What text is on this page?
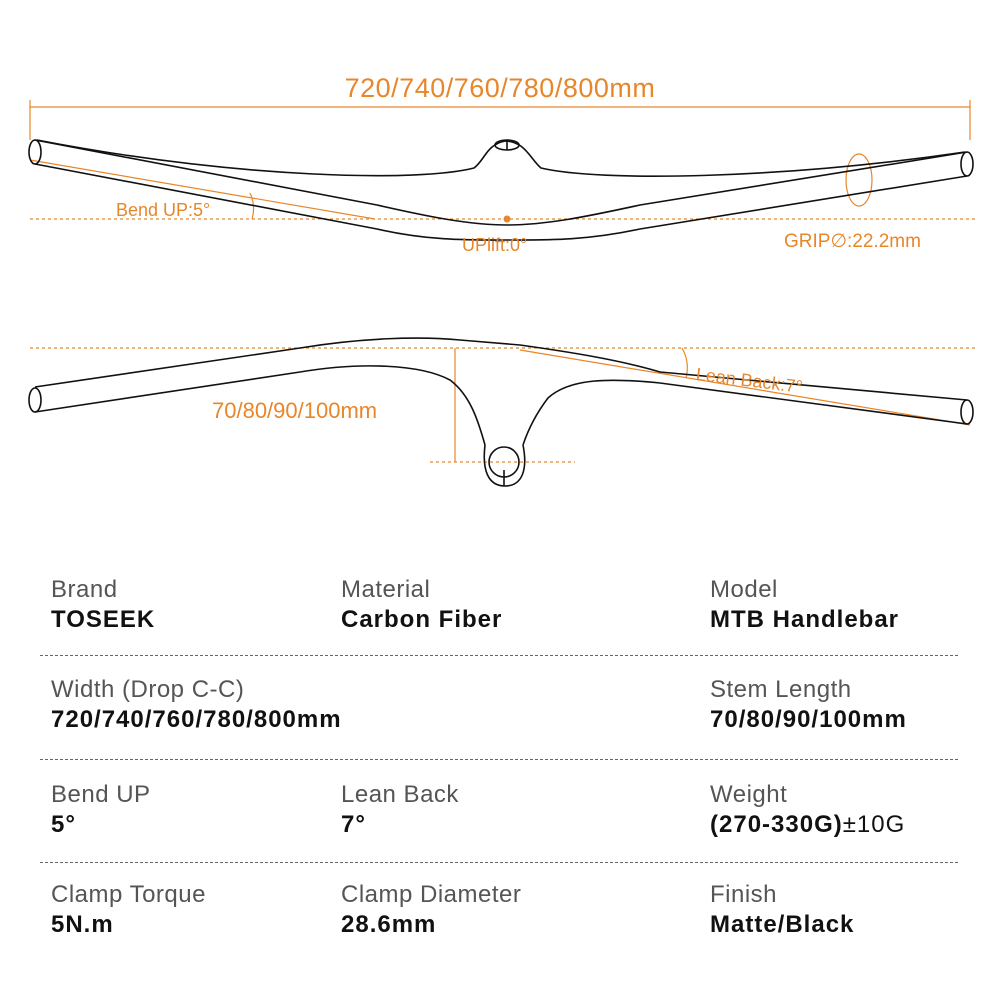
720/740/760/780/800mm
Bend UP:5°
UPlift:0°	GRIP∅:22.2mm
70/80/90/100mm
Lean Back:7°
Brand
TOSEEK
Material
Carbon Fiber
Model
MTB Handlebar
Width (Drop C-C)
720/740/760/780/800mm
Stem Length
70/80/90/100mm
Bend UP
5°
Lean Back
7°
Weight
(270-330G)±10G
Clamp Torque
5N.m
Clamp Diameter
28.6mm
Finish
Matte/Black
